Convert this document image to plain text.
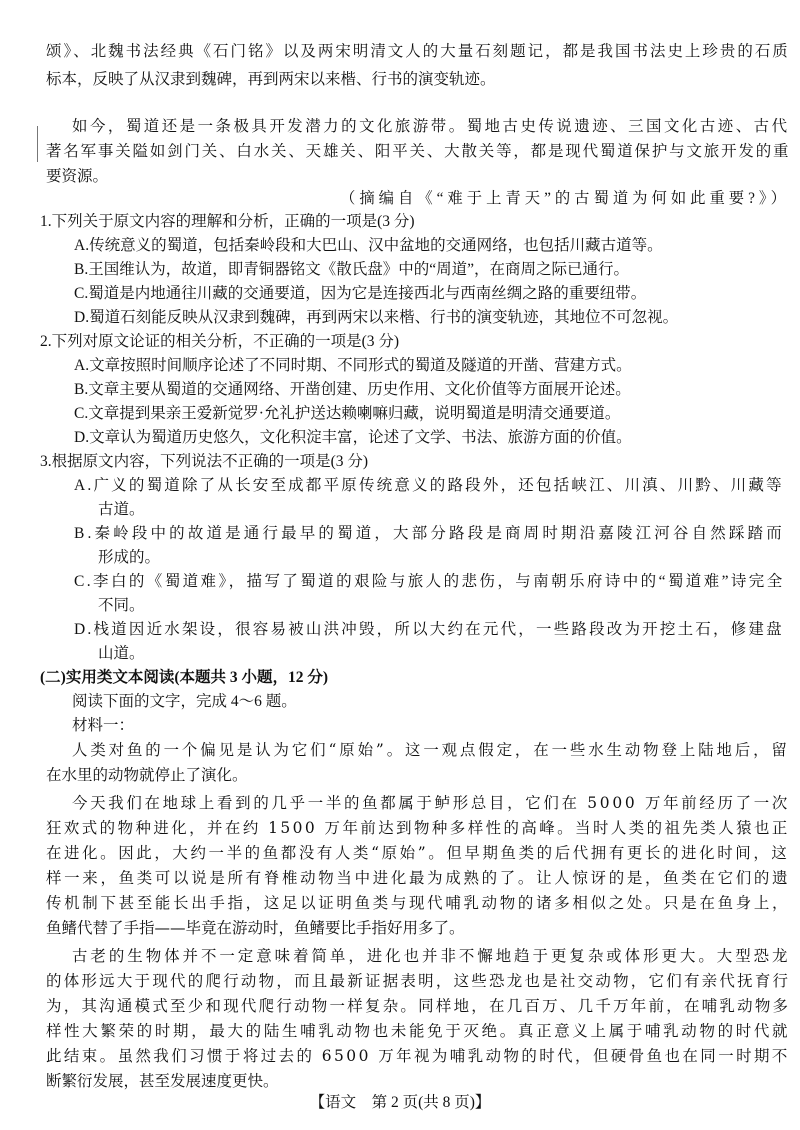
【语文　第 2 页(共 8 页)】
颂》、北魏书法经典《石门铭》以及两宋明清文人的大量石刻题记，都是我国书法史上珍贵的石质
标本，反映了从汉隶到魏碑，再到两宋以来楷、行书的演变轨迹。
如今，蜀道还是一条极具开发潜力的文化旅游带。蜀地古史传说遗迹、三国文化古迹、古代
著名军事关隘如剑门关、白水关、天雄关、阳平关、大散关等，都是现代蜀道保护与文旅开发的重
要资源。
（摘编自《“难于上青天”的古蜀道为何如此重要?》）
1.下列关于原文内容的理解和分析，正确的一项是(3 分)
A.传统意义的蜀道，包括秦岭段和大巴山、汉中盆地的交通网络，也包括川藏古道等。
B.王国维认为，故道，即青铜器铭文《散氏盘》中的“周道”，在商周之际已通行。
C.蜀道是内地通往川藏的交通要道，因为它是连接西北与西南丝绸之路的重要纽带。
D.蜀道石刻能反映从汉隶到魏碑，再到两宋以来楷、行书的演变轨迹，其地位不可忽视。
2.下列对原文论证的相关分析，不正确的一项是(3 分)
A.文章按照时间顺序论述了不同时期、不同形式的蜀道及隧道的开凿、营建方式。
B.文章主要从蜀道的交通网络、开凿创建、历史作用、文化价值等方面展开论述。
C.文章提到果亲王爱新觉罗·允礼护送达赖喇嘛归藏，说明蜀道是明清交通要道。
D.文章认为蜀道历史悠久，文化积淀丰富，论述了文学、书法、旅游方面的价值。
3.根据原文内容，下列说法不正确的一项是(3 分)
A.广义的蜀道除了从长安至成都平原传统意义的路段外，还包括峡江、川滇、川黔、川藏等
古道。
B.秦岭段中的故道是通行最早的蜀道，大部分路段是商周时期沿嘉陵江河谷自然踩踏而
形成的。
C.李白的《蜀道难》，描写了蜀道的艰险与旅人的悲伤，与南朝乐府诗中的“蜀道难”诗完全
不同。
D.栈道因近水架设，很容易被山洪冲毁，所以大约在元代，一些路段改为开挖土石，修建盘
山道。
(二)实用类文本阅读(本题共 3 小题，12 分)
阅读下面的文字，完成 4～6 题。
材料一：
人类对鱼的一个偏见是认为它们“原始”。这一观点假定，在一些水生动物登上陆地后，留
在水里的动物就停止了演化。
今天我们在地球上看到的几乎一半的鱼都属于鲈形总目，它们在 5000 万年前经历了一次
狂欢式的物种进化，并在约 1500 万年前达到物种多样性的高峰。当时人类的祖先类人猿也正
在进化。因此，大约一半的鱼都没有人类“原始”。但早期鱼类的后代拥有更长的进化时间，这
样一来，鱼类可以说是所有脊椎动物当中进化最为成熟的了。让人惊讶的是，鱼类在它们的遗
传机制下甚至能长出手指，这足以证明鱼类与现代哺乳动物的诸多相似之处。只是在鱼身上，
鱼鳍代替了手指——毕竟在游动时，鱼鳍要比手指好用多了。
古老的生物体并不一定意味着简单，进化也并非不懈地趋于更复杂或体形更大。大型恐龙
的体形远大于现代的爬行动物，而且最新证据表明，这些恐龙也是社交动物，它们有亲代抚育行
为，其沟通模式至少和现代爬行动物一样复杂。同样地，在几百万、几千万年前，在哺乳动物多
样性大繁荣的时期，最大的陆生哺乳动物也未能免于灭绝。真正意义上属于哺乳动物的时代就
此结束。虽然我们习惯于将过去的 6500 万年视为哺乳动物的时代，但硬骨鱼也在同一时期不
断繁衍发展，甚至发展速度更快。
